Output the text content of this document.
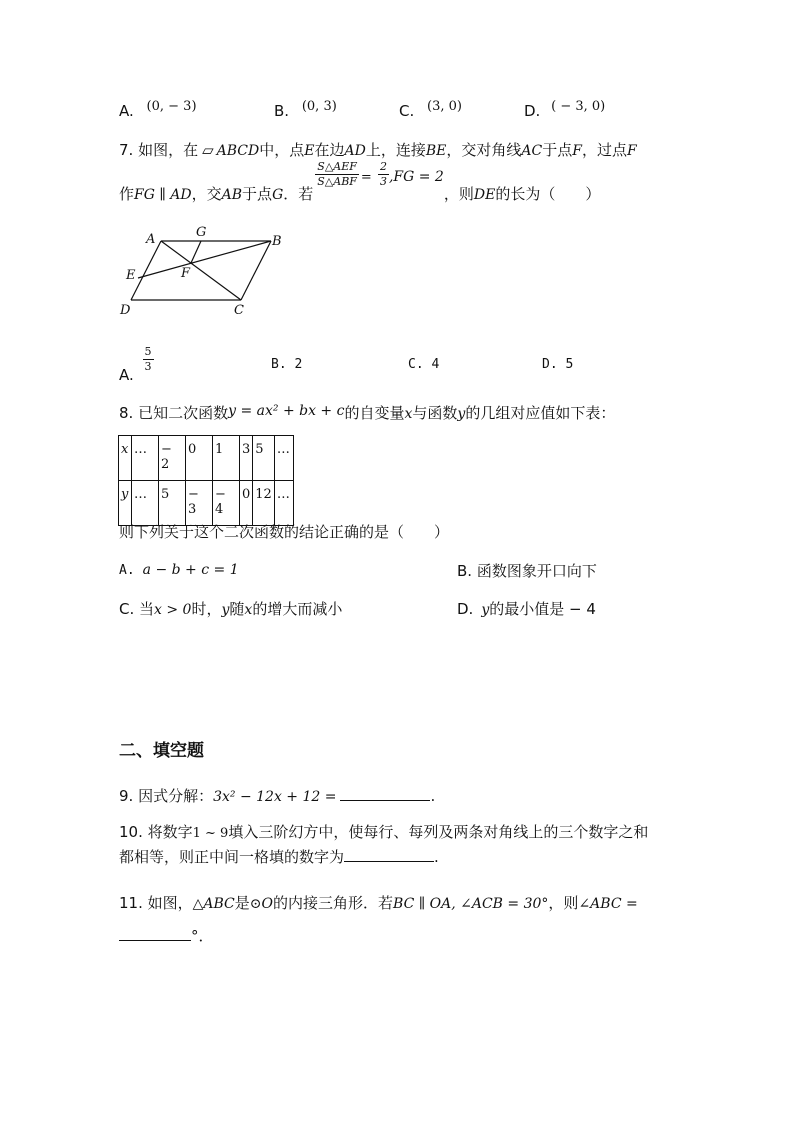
A. (0, − 3)	B. (0, 3)	C. (3, 0)	D. ( − 3, 0)
7. 如图，在 ▱ ABCD中，点E在边AD上，连接BE，交对角线AC于点F，过点F
作FG ∥ AD，交AB于点G．若
$\frac{\text{S△AEF}}{\text{S△ABF}} = \frac{2}{3} ,FG = 2$，则DE的长为（　　）
A	B
C
D
E	F
G
A.
$\frac{5}{3}$	B. 2	C. 4	D. 5
8. 已知二次函数y = ax² + bx + c的自变量x与函数y的几组对应值如下表：
x	…	− 2	0	1	3	5	…
y	…	5	− 3	− 4	0	12	…
则下列关于这个二次函数的结论正确的是（　　）
A. a − b + c = 1	B. 函数图象开口向下
C. 当x > 0时，y随x的增大而减小	D. y的最小值是 − 4
二、填空题
9. 因式分解：3x² − 12x + 12 =	.
10. 将数字1 ~ 9填入三阶幻方中，使每行、每列及两条对角线上的三个数字之和
都相等，则正中间一格填的数字为	.
11. 如图，△ABC是⊙O的内接三角形．若BC ∥ OA, ∠ACB = 30°，则∠ABC =
°．
